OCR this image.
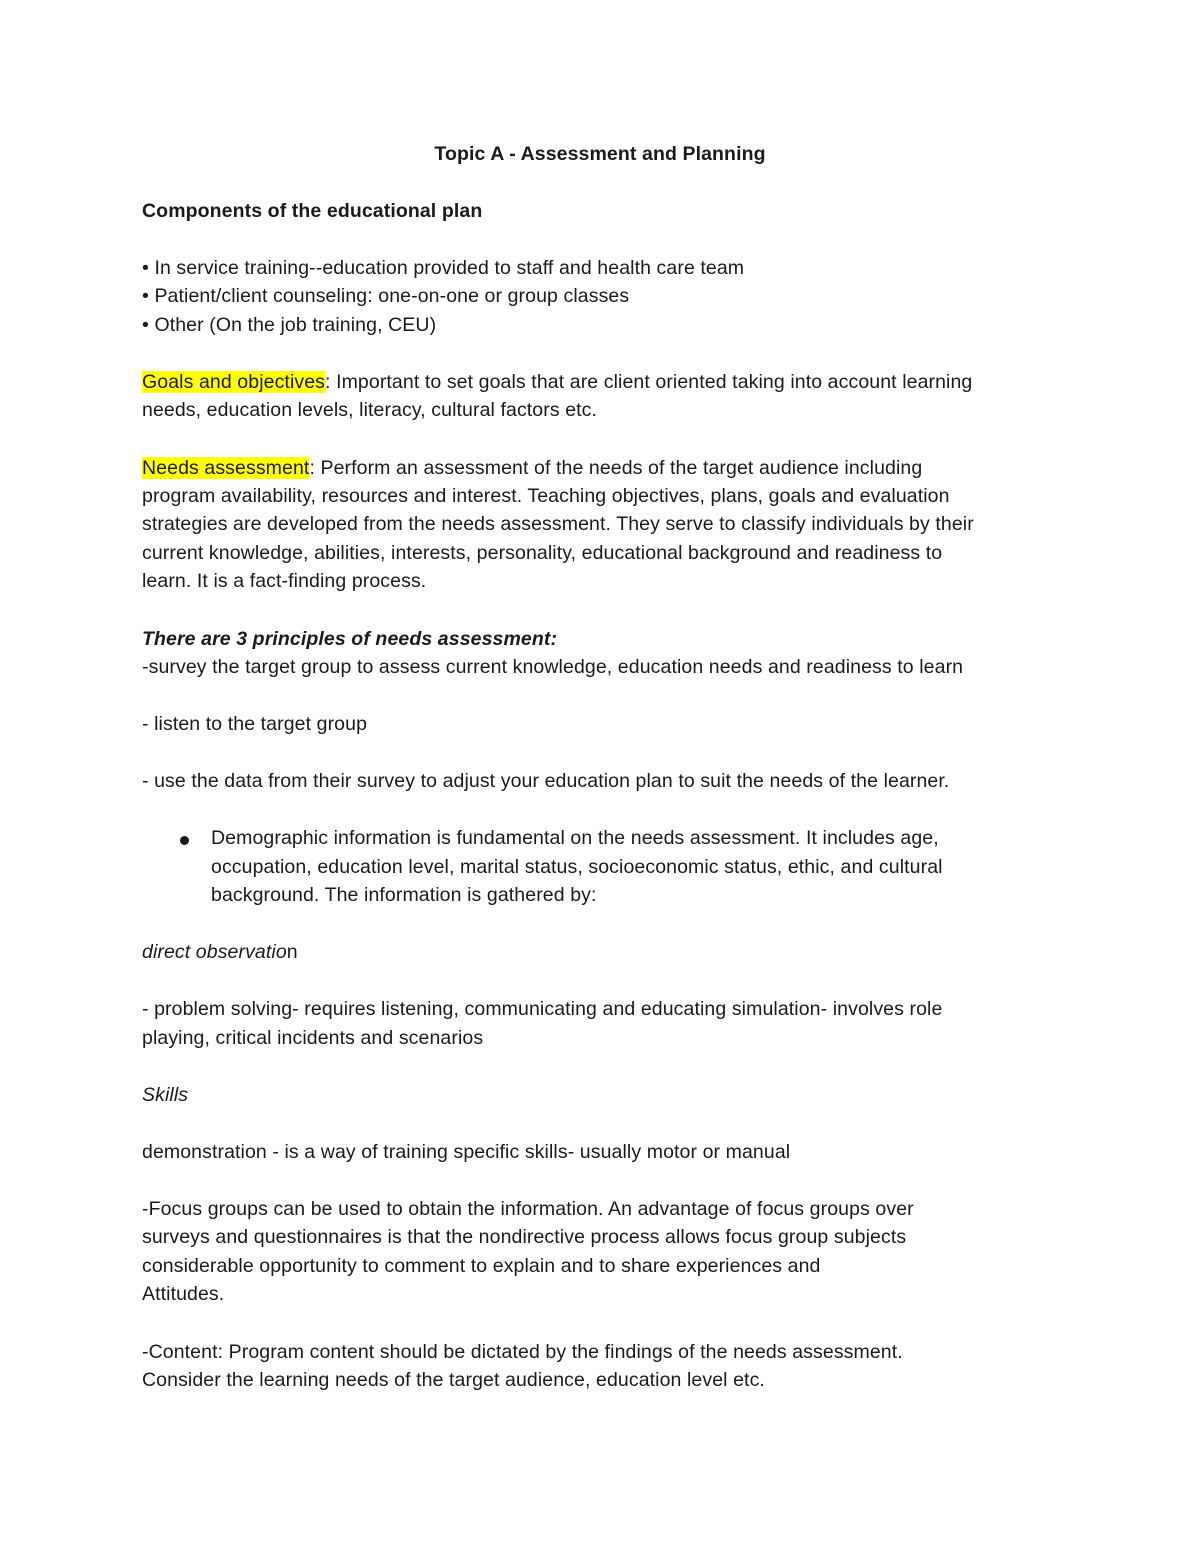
Topic A - Assessment and Planning
Components of the educational plan
• In service training--education provided to staff and health care team
• Patient/client counseling: one-on-one or group classes
• Other (On the job training, CEU)
Goals and objectives: Important to set goals that are client oriented taking into account learning
needs, education levels, literacy, cultural factors etc.
Needs assessment: Perform an assessment of the needs of the target audience including
program availability, resources and interest. Teaching objectives, plans, goals and evaluation
strategies are developed from the needs assessment. They serve to classify individuals by their
current knowledge, abilities, interests, personality, educational background and readiness to
learn. It is a fact-finding process.
There are 3 principles of needs assessment:
-survey the target group to assess current knowledge, education needs and readiness to learn
- listen to the target group
- use the data from their survey to adjust your education plan to suit the needs of the learner.
Demographic information is fundamental on the needs assessment. It includes age,
occupation, education level, marital status, socioeconomic status, ethic, and cultural
background. The information is gathered by:
direct observation
- problem solving- requires listening, communicating and educating simulation- involves role
playing, critical incidents and scenarios
Skills
demonstration - is a way of training specific skills- usually motor or manual
-Focus groups can be used to obtain the information. An advantage of focus groups over
surveys and questionnaires is that the nondirective process allows focus group subjects
considerable opportunity to comment to explain and to share experiences and
Attitudes.
-Content: Program content should be dictated by the findings of the needs assessment.
Consider the learning needs of the target audience, education level etc.
